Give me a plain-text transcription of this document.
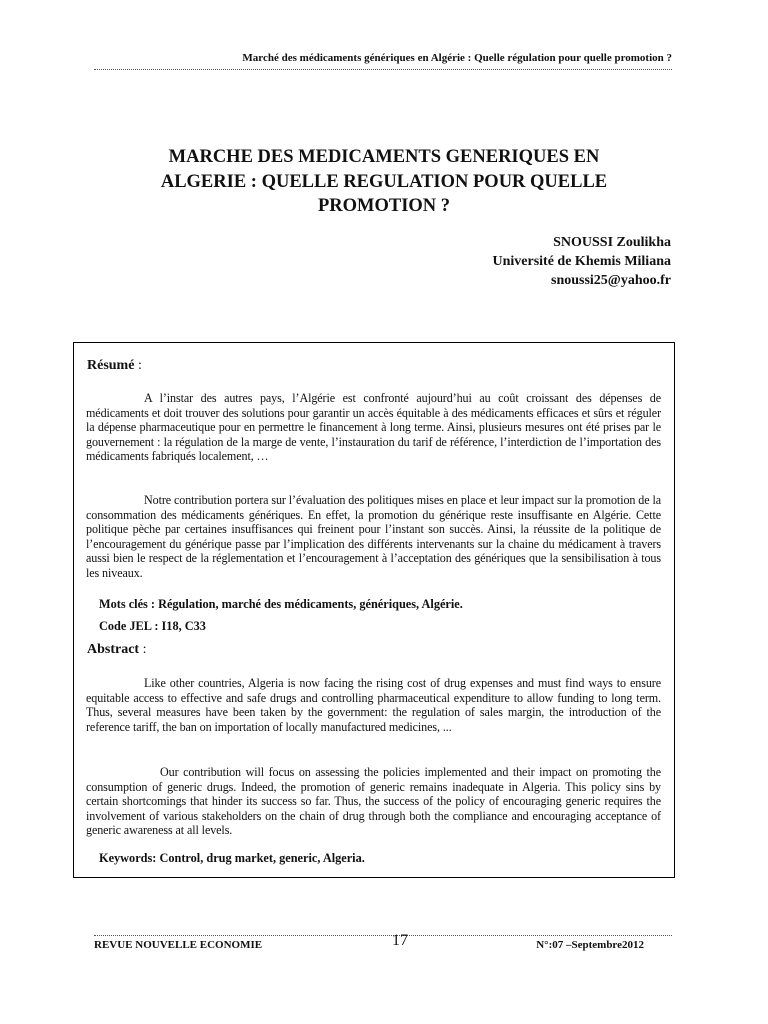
Marché des médicaments génériques en Algérie : Quelle régulation pour quelle promotion ?
MARCHE DES MEDICAMENTS GENERIQUES EN
ALGERIE : QUELLE REGULATION POUR QUELLE
PROMOTION ?
SNOUSSI Zoulikha
Université de Khemis Miliana
snoussi25@yahoo.fr
Résumé :

A l’instar des autres pays, l’Algérie est confronté aujourd’hui au coût croissant des dépenses de médicaments et doit trouver des solutions pour garantir un accès équitable à des médicaments efficaces et sûrs et réguler la dépense pharmaceutique pour en permettre le financement à long terme. Ainsi, plusieurs mesures ont été prises par le gouvernement : la régulation de la marge de vente, l’instauration du tarif de référence, l’interdiction de l’importation des médicaments fabriqués localement, …

Notre contribution portera sur l’évaluation des politiques mises en place et leur impact sur la promotion de la consommation des médicaments génériques. En effet, la promotion du générique reste insuffisante en Algérie. Cette politique pèche par certaines insuffisances qui freinent pour l’instant son succès. Ainsi, la réussite de la politique de l’encouragement du générique passe par l’implication des différents intervenants sur la chaine du médicament à travers aussi bien le respect de la réglementation et l’encouragement à l’acceptation des génériques que la sensibilisation à tous les niveaux.

Mots clés : Régulation, marché des médicaments, génériques, Algérie.
Code JEL : I18, C33
Abstract :

Like other countries, Algeria is now facing the rising cost of drug expenses and must find ways to ensure equitable access to effective and safe drugs and controlling pharmaceutical expenditure to allow funding to long term. Thus, several measures have been taken by the government: the regulation of sales margin, the introduction of the reference tariff, the ban on importation of locally manufactured medicines, ...

Our contribution will focus on assessing the policies implemented and their impact on promoting the consumption of generic drugs. Indeed, the promotion of generic remains inadequate in Algeria. This policy sins by certain shortcomings that hinder its success so far. Thus, the success of the policy of encouraging generic requires the involvement of various stakeholders on the chain of drug through both the compliance and encouraging acceptance of generic awareness at all levels.

Keywords: Control, drug market, generic, Algeria.
REVUE NOUVELLE ECONOMIE	17	N°:07 –Septembre2012
